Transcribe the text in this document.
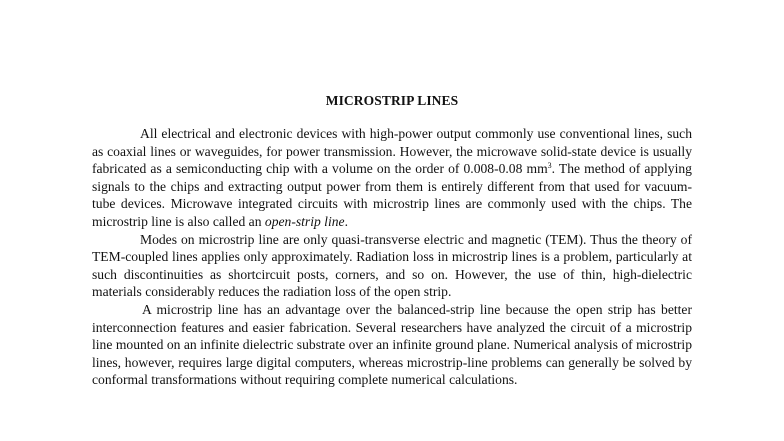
MICROSTRIP LINES

All electrical and electronic devices with high-power output commonly use conventional lines, such as coaxial lines or waveguides, for power transmission. However, the microwave solid-state device is usually fabricated as a semiconducting chip with a volume on the order of 0.008-0.08 $mm^3$. The method of applying signals to the chips and extracting output power from them is entirely different from that used for vacuum-tube devices. Microwave integrated circuits with microstrip lines are commonly used with the chips. The microstrip line is also called an open-strip line.

Modes on microstrip line are only quasi-transverse electric and magnetic (TEM). Thus the theory of TEM-coupled lines applies only approximately. Radiation loss in microstrip lines is a problem, particularly at such discontinuities as shortcircuit posts, corners, and so on. However, the use of thin, high-dielectric materials considerably reduces the radiation loss of the open strip.

A microstrip line has an advantage over the balanced-strip line because the open strip has better interconnection features and easier fabrication. Several researchers have analyzed the circuit of a microstrip line mounted on an infinite dielectric substrate over an infinite ground plane. Numerical analysis of microstrip lines, however, requires large digital computers, whereas microstrip-line problems can generally be solved by conformal transformations without requiring complete numerical calculations.
